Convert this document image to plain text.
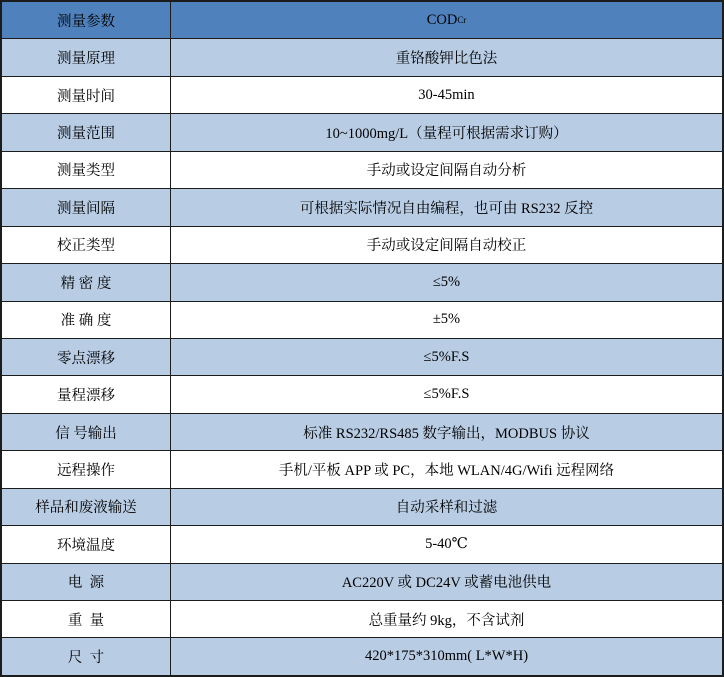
测量参数	COD Cr
测量原理	重铬酸钾比色法
测量时间	30-45min
测量范围	10~1000mg/L（量程可根据需求订购）
测量类型	手动或设定间隔自动分析
测量间隔	可根据实际情况自由编程，也可由 RS232 反控
校正类型	手动或设定间隔自动校正
精 密 度	≤5%
准 确 度	±5%
零点漂移	≤5%F.S
量程漂移	≤5%F.S
信 号输出	标准 RS232/RS485 数字输出，MODBUS 协议
远程操作	手机/平板 APP 或 PC，本地 WLAN/4G/Wifi 远程网络
样品和废液输送	自动采样和过滤
环境温度	5-40℃
电  源	AC220V 或 DC24V 或蓄电池供电
重  量	总重量约 9kg，不含试剂
尺  寸	420*175*310mm( L*W*H)
